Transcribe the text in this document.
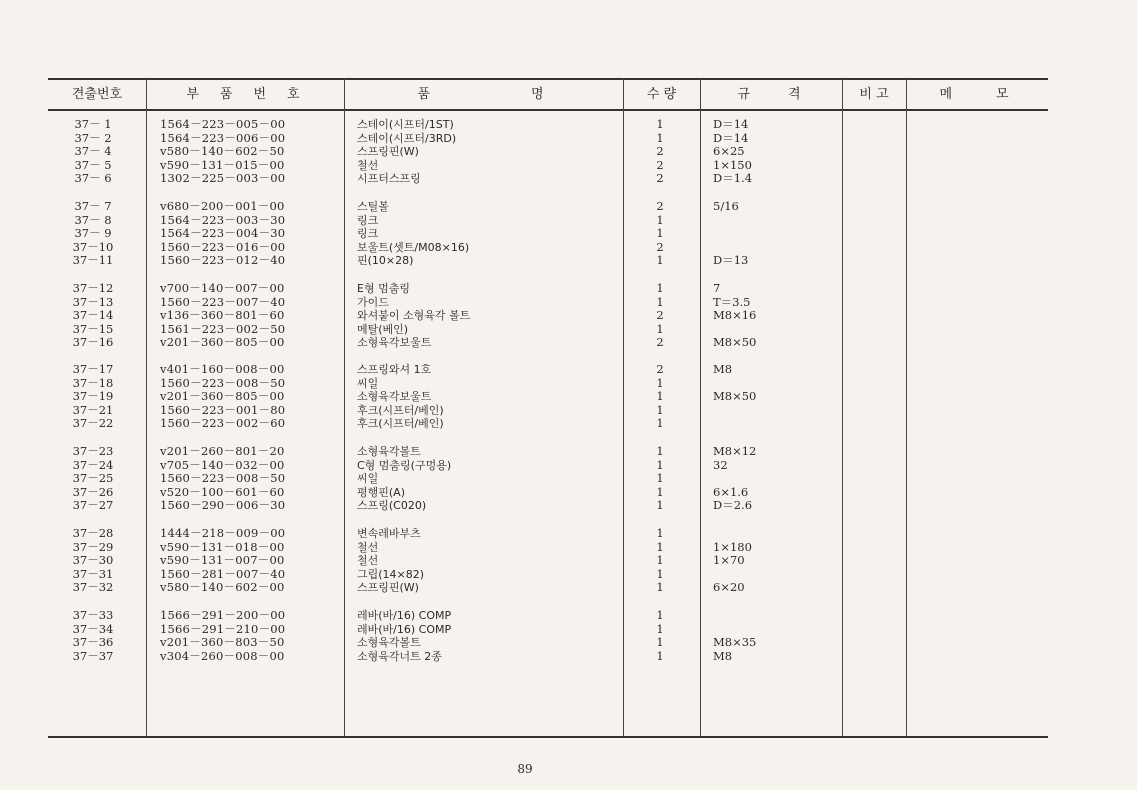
견출번호	부　품　번　호	품　　　　　명	수 량	규　　격	비 고	메　　모
37－ 1	1564－223－005－00	스테이(시프터/1ST)	1	D＝14
37－ 2	1564－223－006－00	스테이(시프터/3RD)	1	D＝14
37－ 4	v580－140－602－50	스프링핀(W)	2	6×25
37－ 5	v590－131－015－00	철선	2	1×150
37－ 6	1302－225－003－00	시프터스프링	2	D＝1.4
37－ 7	v680－200－001－00	스틸볼	2	5/16
37－ 8	1564－223－003－30	링크	1
37－ 9	1564－223－004－30	링크	1
37－10	1560－223－016－00	보울트(셋트/M08×16)	2
37－11	1560－223－012－40	핀(10×28)	1	D＝13
37－12	v700－140－007－00	E형 멈춤링	1	7
37－13	1560－223－007－40	가이드	1	T＝3.5
37－14	v136－360－801－60	와셔붙이 소형육각 볼트	2	M8×16
37－15	1561－223－002－50	메탈(베인)	1
37－16	v201－360－805－00	소형육각보울트	2	M8×50
37－17	v401－160－008－00	스프링와셔 1호	2	M8
37－18	1560－223－008－50	씨일	1
37－19	v201－360－805－00	소형육각보울트	1	M8×50
37－21	1560－223－001－80	후크(시프터/베인)	1
37－22	1560－223－002－60	후크(시프터/베인)	1
37－23	v201－260－801－20	소형육각볼트	1	M8×12
37－24	v705－140－032－00	C형 멈춤링(구멍용)	1	32
37－25	1560－223－008－50	씨일	1
37－26	v520－100－601－60	평행핀(A)	1	6×1.6
37－27	1560－290－006－30	스프링(C020)	1	D＝2.6
37－28	1444－218－009－00	변속레바부츠	1
37－29	v590－131－018－00	철선	1	1×180
37－30	v590－131－007－00	철선	1	1×70
37－31	1560－281－007－40	그립(14×82)	1
37－32	v580－140－602－00	스프링핀(W)	1	6×20
37－33	1566－291－200－00	레바(바/16) COMP	1
37－34	1566－291－210－00	레바(바/16) COMP	1
37－36	v201－360－803－50	소형육각볼트	1	M8×35
37－37	v304－260－008－00	소형육각너트 2종	1	M8
89
